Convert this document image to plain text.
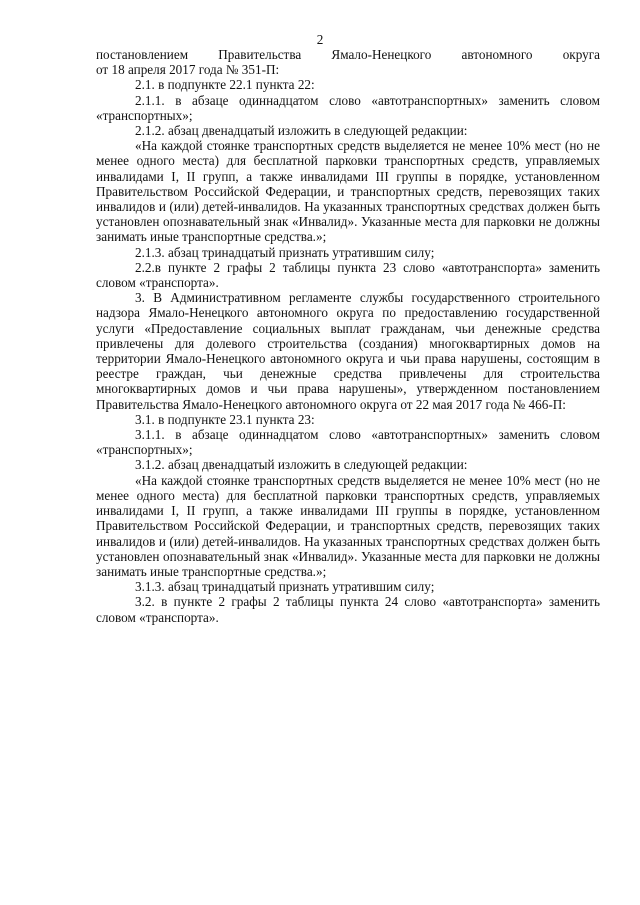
2

постановлением Правительства Ямало-Ненецкого автономного округа

от 18 апреля 2017 года № 351-П:

2.1. в подпункте 22.1 пункта 22:

2.1.1. в абзаце одиннадцатом слово «автотранспортных» заменить словом «транспортных»;

2.1.2. абзац двенадцатый изложить в следующей редакции:

«На каждой стоянке транспортных средств выделяется не менее 10% мест (но не менее одного места) для бесплатной парковки транспортных средств, управляемых инвалидами I, II групп, а также инвалидами III группы в порядке, установленном Правительством Российской Федерации, и транспортных средств, перевозящих таких инвалидов и (или) детей-инвалидов. На указанных транспортных средствах должен быть установлен опознавательный знак «Инвалид». Указанные места для парковки не должны занимать иные транспортные средства.»;

2.1.3. абзац тринадцатый признать утратившим силу;

2.2.в пункте 2 графы 2 таблицы пункта 23 слово «автотранспорта» заменить словом «транспорта».

3. В Административном регламенте службы государственного строительного надзора Ямало-Ненецкого автономного округа по предоставлению государственной услуги «Предоставление социальных выплат гражданам, чьи денежные средства привлечены для долевого строительства (создания) многоквартирных домов на территории Ямало-Ненецкого автономного округа и чьи права нарушены, состоящим в реестре граждан, чьи денежные средства привлечены для строительства многоквартирных домов и чьи права нарушены», утвержденном постановлением Правительства Ямало-Ненецкого автономного округа от 22 мая 2017 года № 466-П:

3.1. в подпункте 23.1 пункта 23:

3.1.1. в абзаце одиннадцатом слово «автотранспортных» заменить словом «транспортных»;

3.1.2. абзац двенадцатый изложить в следующей редакции:

«На каждой стоянке транспортных средств выделяется не менее 10% мест (но не менее одного места) для бесплатной парковки транспортных средств, управляемых инвалидами I, II групп, а также инвалидами III группы в порядке, установленном Правительством Российской Федерации, и транспортных средств, перевозящих таких инвалидов и (или) детей-инвалидов. На указанных транспортных средствах должен быть установлен опознавательный знак «Инвалид». Указанные места для парковки не должны занимать иные транспортные средства.»;

3.1.3. абзац тринадцатый признать утратившим силу;

3.2. в пункте 2 графы 2 таблицы пункта 24 слово «автотранспорта» заменить словом «транспорта».
